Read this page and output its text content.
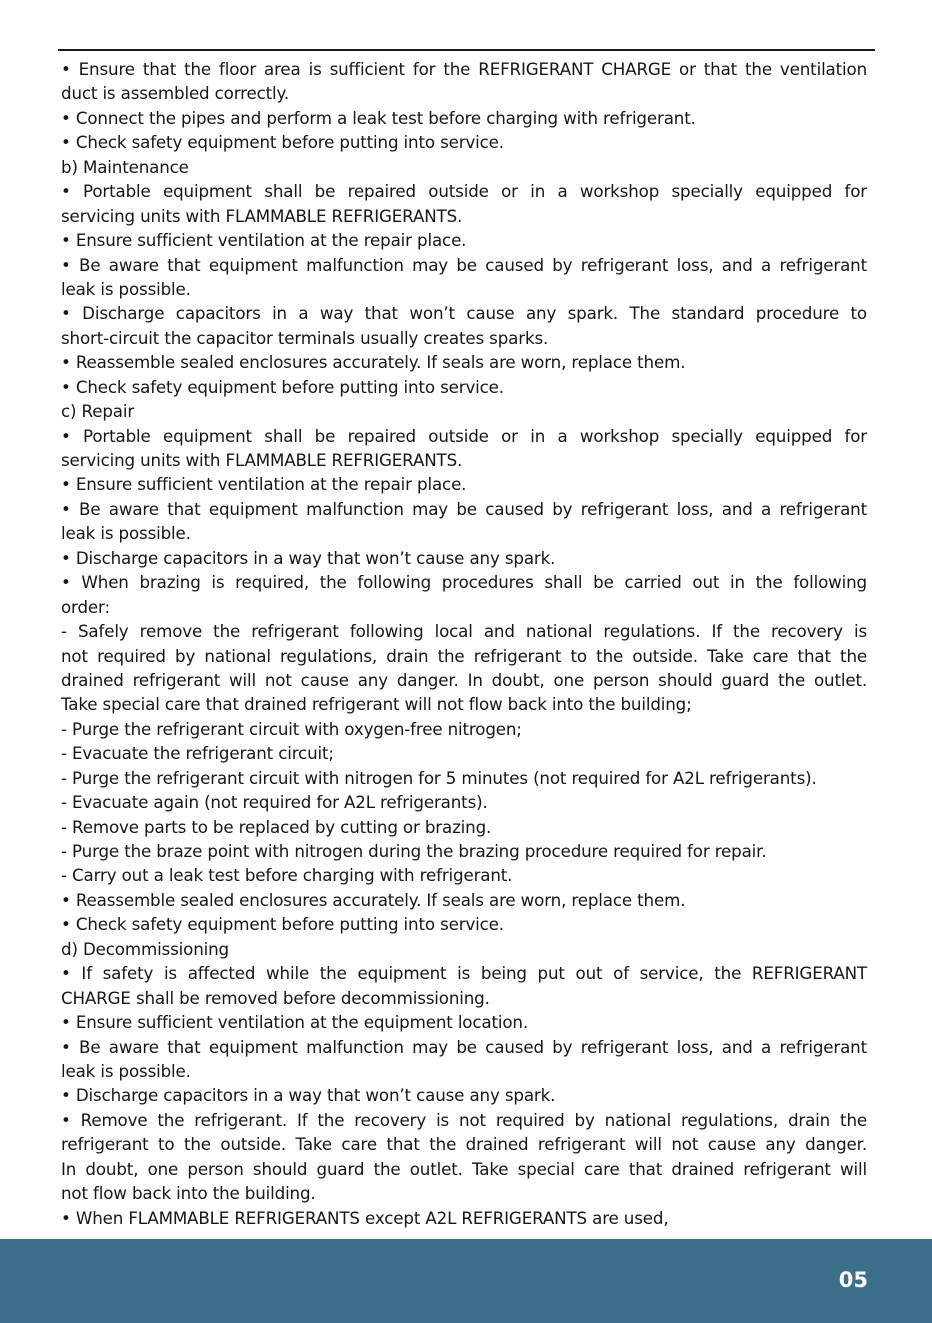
• Ensure that the floor area is sufficient for the REFRIGERANT CHARGE or that the ventilation
duct is assembled correctly.
• Connect the pipes and perform a leak test before charging with refrigerant.
• Check safety equipment before putting into service.
b) Maintenance
• Portable equipment shall be repaired outside or in a workshop specially equipped for
servicing units with FLAMMABLE REFRIGERANTS.
• Ensure sufficient ventilation at the repair place.
• Be aware that equipment malfunction may be caused by refrigerant loss, and a refrigerant
leak is possible.
• Discharge capacitors in a way that won’t cause any spark. The standard procedure to
short-circuit the capacitor terminals usually creates sparks.
• Reassemble sealed enclosures accurately. If seals are worn, replace them.
• Check safety equipment before putting into service.
c) Repair
• Portable equipment shall be repaired outside or in a workshop specially equipped for
servicing units with FLAMMABLE REFRIGERANTS.
• Ensure sufficient ventilation at the repair place.
• Be aware that equipment malfunction may be caused by refrigerant loss, and a refrigerant
leak is possible.
• Discharge capacitors in a way that won’t cause any spark.
• When brazing is required, the following procedures shall be carried out in the following
order:
- Safely remove the refrigerant following local and national regulations. If the recovery is
not required by national regulations, drain the refrigerant to the outside. Take care that the
drained refrigerant will not cause any danger. In doubt, one person should guard the outlet.
Take special care that drained refrigerant will not flow back into the building;
- Purge the refrigerant circuit with oxygen-free nitrogen;
- Evacuate the refrigerant circuit;
- Purge the refrigerant circuit with nitrogen for 5 minutes (not required for A2L refrigerants).
- Evacuate again (not required for A2L refrigerants).
- Remove parts to be replaced by cutting or brazing.
- Purge the braze point with nitrogen during the brazing procedure required for repair.
- Carry out a leak test before charging with refrigerant.
• Reassemble sealed enclosures accurately. If seals are worn, replace them.
• Check safety equipment before putting into service.
d) Decommissioning
• If safety is affected while the equipment is being put out of service, the REFRIGERANT
CHARGE shall be removed before decommissioning.
• Ensure sufficient ventilation at the equipment location.
• Be aware that equipment malfunction may be caused by refrigerant loss, and a refrigerant
leak is possible.
• Discharge capacitors in a way that won’t cause any spark.
• Remove the refrigerant. If the recovery is not required by national regulations, drain the
refrigerant to the outside. Take care that the drained refrigerant will not cause any danger.
In doubt, one person should guard the outlet. Take special care that drained refrigerant will
not flow back into the building.
• When FLAMMABLE REFRIGERANTS except A2L REFRIGERANTS are used,
05
